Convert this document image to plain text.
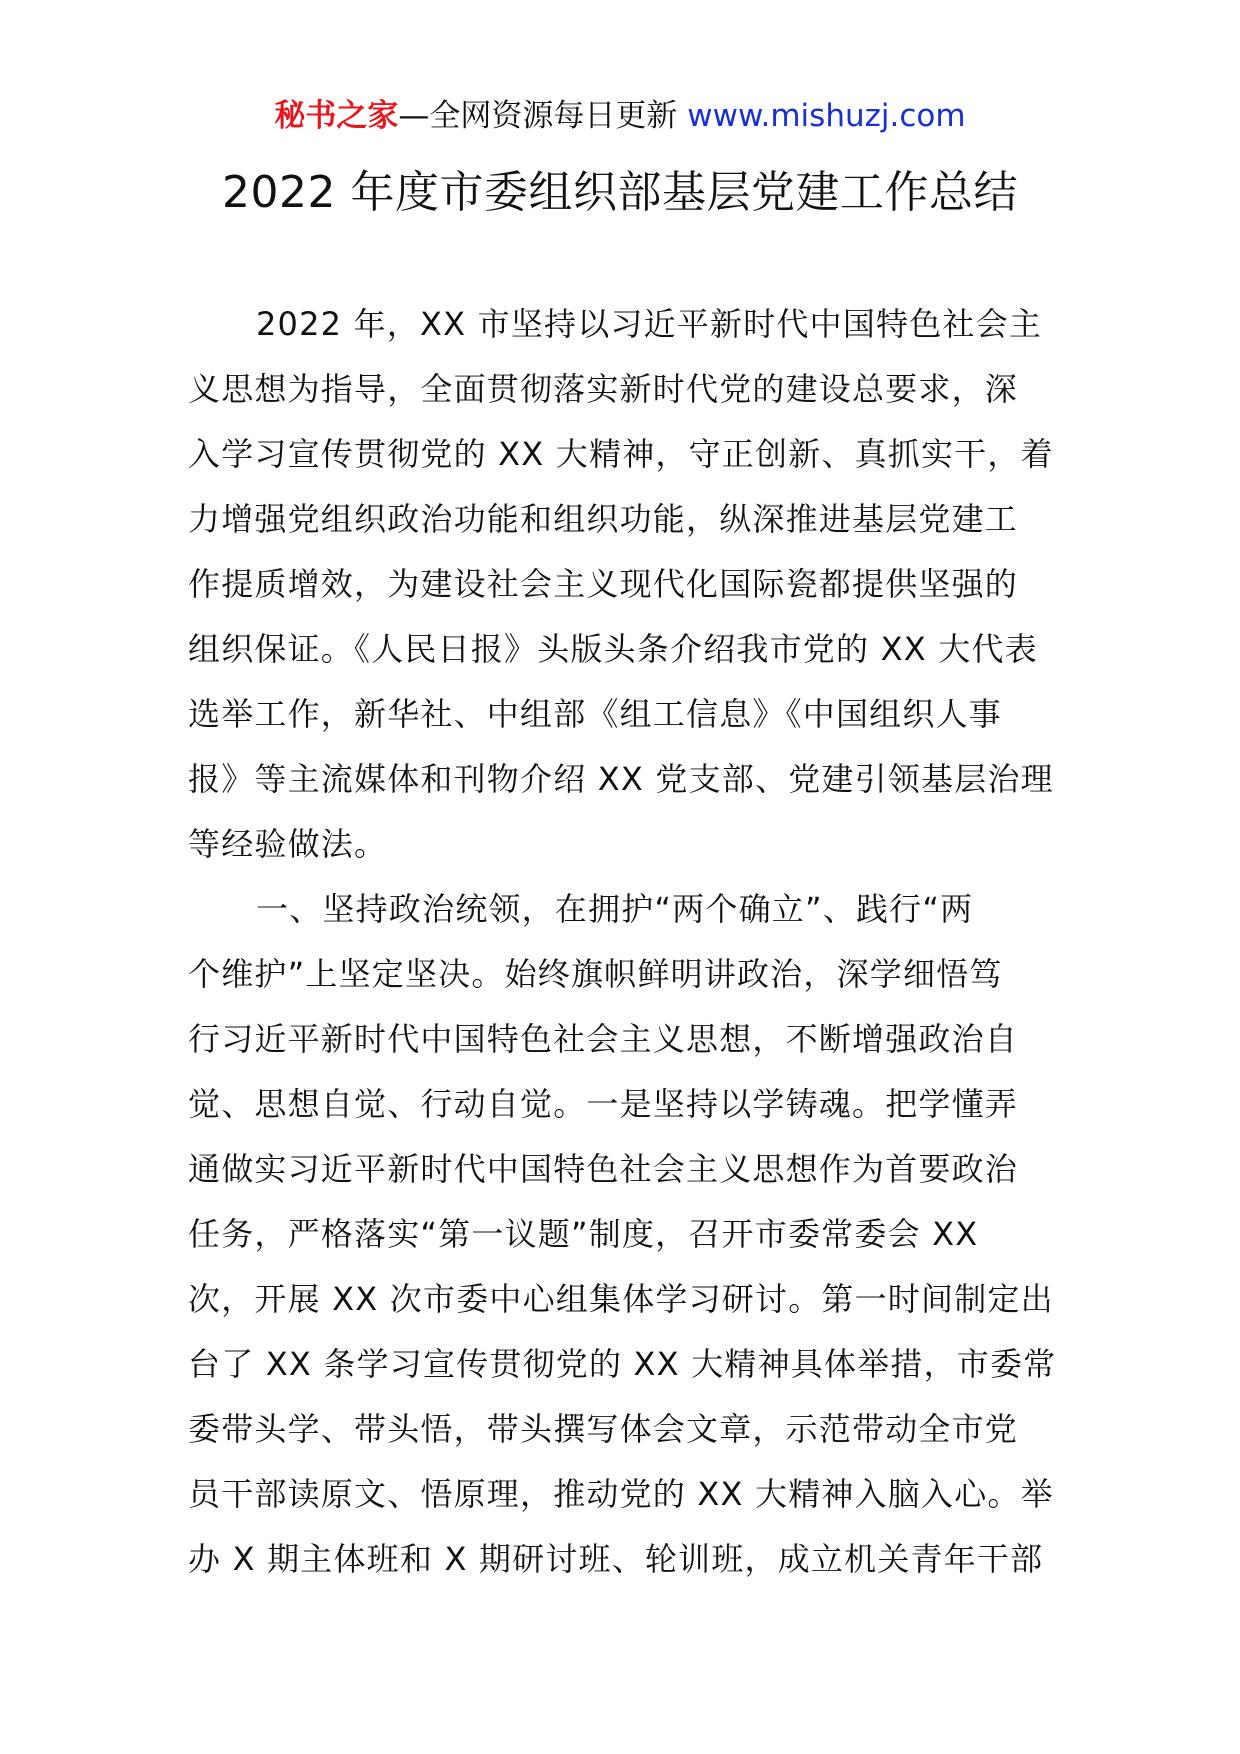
秘书之家—全网资源每日更新 www.mishuzj.com
2022 年度市委组织部基层党建工作总结
2022 年，XX 市坚持以习近平新时代中国特色社会主
义思想为指导，全面贯彻落实新时代党的建设总要求，深
入学习宣传贯彻党的 XX 大精神，守正创新、真抓实干，着
力增强党组织政治功能和组织功能，纵深推进基层党建工
作提质增效，为建设社会主义现代化国际瓷都提供坚强的
组织保证。《人民日报》头版头条介绍我市党的 XX 大代表
选举工作，新华社、中组部《组工信息》《中国组织人事
报》等主流媒体和刊物介绍 XX 党支部、党建引领基层治理
等经验做法。
一、坚持政治统领，在拥护“两个确立”、践行“两
个维护”上坚定坚决。始终旗帜鲜明讲政治，深学细悟笃
行习近平新时代中国特色社会主义思想，不断增强政治自
觉、思想自觉、行动自觉。一是坚持以学铸魂。把学懂弄
通做实习近平新时代中国特色社会主义思想作为首要政治
任务，严格落实“第一议题”制度，召开市委常委会 XX
次，开展 XX 次市委中心组集体学习研讨。第一时间制定出
台了 XX 条学习宣传贯彻党的 XX 大精神具体举措，市委常
委带头学、带头悟，带头撰写体会文章，示范带动全市党
员干部读原文、悟原理，推动党的 XX 大精神入脑入心。举
办 X 期主体班和 X 期研讨班、轮训班，成立机关青年干部
